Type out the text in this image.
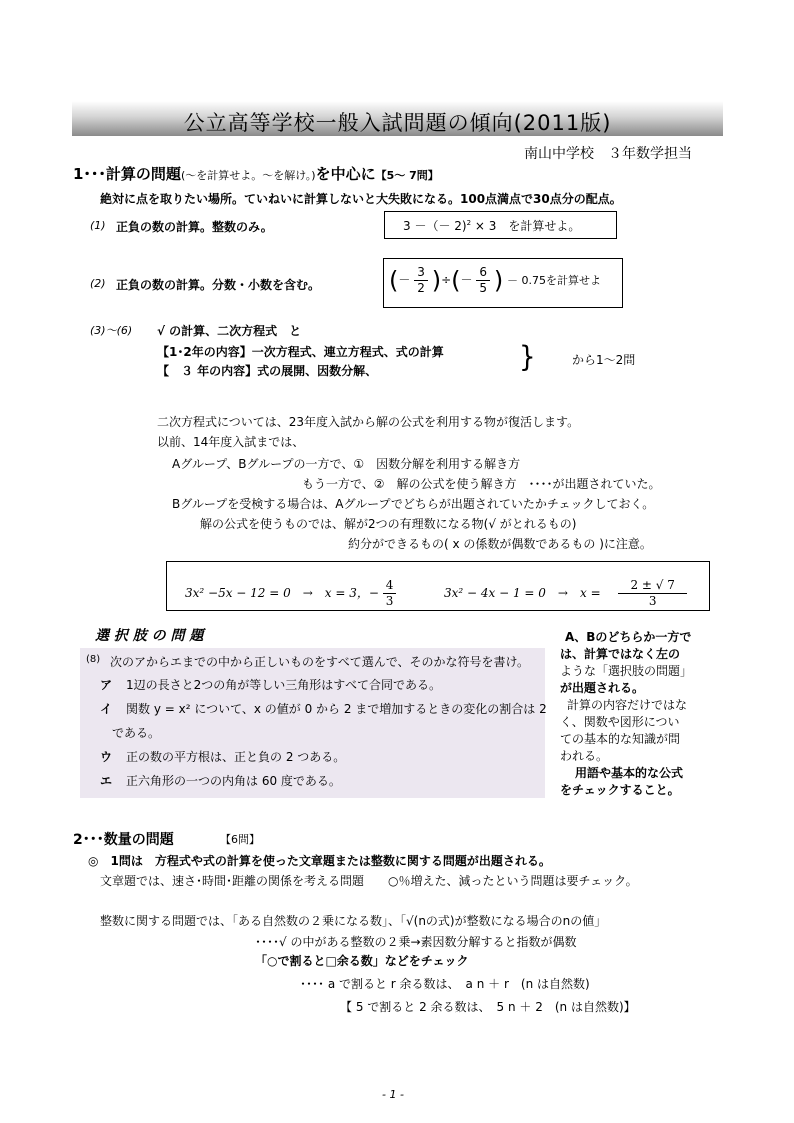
公立高等学校一般入試問題の傾向(2011版)
南山中学校　３年数学担当
1･･･計算の問題(～を計算せよ。～を解け。)を中心に【5～ 7問】
絶対に点を取りたい場所。ていねいに計算しないと大失敗になる。100点満点で30点分の配点。
(1) 正負の数の計算。整数のみ。	3 －（－ 2)$^2$ × 3　を計算せよ。
(2) 正負の数の計算。分数・小数を含む。	(－ $\frac{3}{2}$ )÷(－ $\frac{6}{5}$ ) － 0.75を計算せよ
(3)～(6) √ の計算、二次方程式　と
【1･2年の内容】一次方程式、連立方程式、式の計算
【　３ 年の内容】式の展開、因数分解、	}	から1～2問
二次方程式については、23年度入試から解の公式を利用する物が復活します。
以前、14年度入試までは、
Aグループ、Bグループの一方で、①　因数分解を利用する解き方
もう一方で、②　解の公式を使う解き方　････が出題されていた。
Bグループを受検する場合は、Aグループでどちらが出題されていたかチェックしておく。
解の公式を使うものでは、解が2つの有理数になる物(√ がとれるもの)
約分ができるもの( x の係数が偶数であるもの )に注意。
3x² −5x − 12 = 0　→　x = 3，− $\frac{4}{3}$	3x² − 4x − 1 = 0　→　$x = \frac{2 \pm √ 7}{3}$
選 択 肢 の 問 題
(8) 次のアからエまでの中から正しいものをすべて選んで、そのかな符号を書け。
ア 1辺の長さと2つの角が等しい三角形はすべて合同である。
イ 関数 y = x² について、x の値が 0 から 2 まで増加するときの変化の割合は 2
である。
ウ 正の数の平方根は、正と負の 2 つある。
エ 正六角形の一つの内角は 60 度である。
A、Bのどちらか一方で
は、計算ではなく左の
ような「選択肢の問題」
が出題される。
計算の内容だけではな
く、関数や図形につい
ての基本的な知識が問
われる。
用語や基本的な公式
をチェックすること。
2･･･数量の問題	【6問】
◎　1問は　方程式や式の計算を使った文章題または整数に関する問題が出題される。
文章題では、速さ･時間･距離の関係を考える問題　　○％増えた、減ったという問題は要チェック。
整数に関する問題では、「ある自然数の２乗になる数」、「√(nの式)が整数になる場合のnの値」
････√ の中がある整数の２乗→素因数分解すると指数が偶数
「○で割ると□余る数」などをチェック
････ a で割ると r 余る数は、　a n ＋ r　(n は自然数)
【 5 で割ると 2 余る数は、　5 n ＋ 2　(n は自然数)】
- 1 -
